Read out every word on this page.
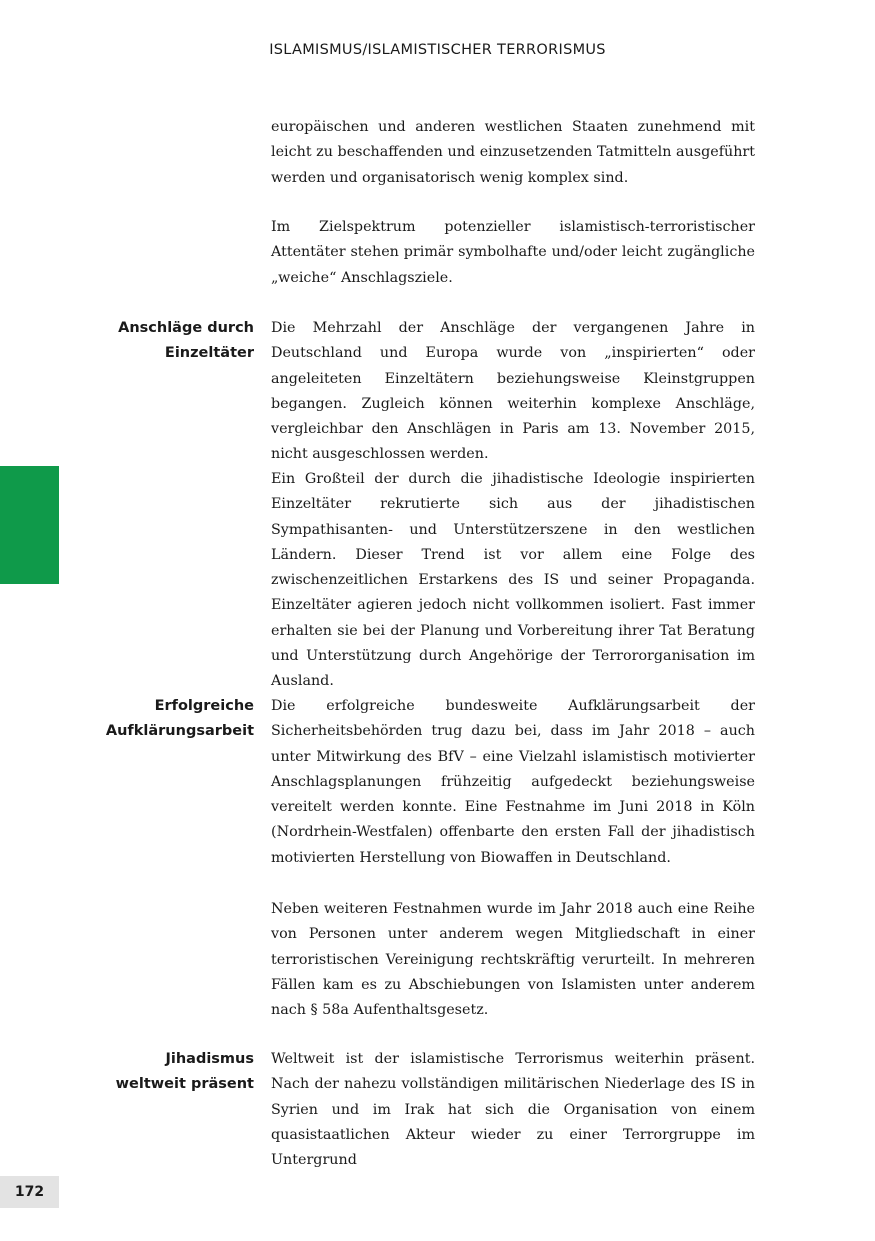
ISLAMISMUS/ISLAMISTISCHER TERRORISMUS

europäischen und anderen westlichen Staaten zunehmend mit leicht zu beschaffenden und einzusetzenden Tatmitteln ausgeführt werden und organisatorisch wenig komplex sind.

Im Zielspektrum potenzieller islamistisch-terroristischer Attentäter stehen primär symbolhafte und/oder leicht zugängliche „weiche“ Anschlagsziele.

Anschläge durch
Einzeltäter

Die Mehrzahl der Anschläge der vergangenen Jahre in Deutschland und Europa wurde von „inspirierten“ oder angeleiteten Einzeltätern beziehungsweise Kleinstgruppen begangen. Zugleich können weiterhin komplexe Anschläge, vergleichbar den Anschlägen in Paris am 13. November 2015, nicht ausgeschlossen werden.

Ein Großteil der durch die jihadistische Ideologie inspirierten Einzeltäter rekrutierte sich aus der jihadistischen Sympathisanten- und Unterstützerszene in den westlichen Ländern. Dieser Trend ist vor allem eine Folge des zwischenzeitlichen Erstarkens des IS und seiner Propaganda. Einzeltäter agieren jedoch nicht vollkommen isoliert. Fast immer erhalten sie bei der Planung und Vorbereitung ihrer Tat Beratung und Unterstützung durch Angehörige der Terrororganisation im Ausland.

Erfolgreiche
Aufklärungsarbeit

Die erfolgreiche bundesweite Aufklärungsarbeit der Sicherheitsbehörden trug dazu bei, dass im Jahr 2018 – auch unter Mitwirkung des BfV – eine Vielzahl islamistisch motivierter Anschlagsplanungen frühzeitig aufgedeckt beziehungsweise vereitelt werden konnte. Eine Festnahme im Juni 2018 in Köln (Nordrhein-Westfalen) offenbarte den ersten Fall der jihadistisch motivierten Herstellung von Biowaffen in Deutschland.

Neben weiteren Festnahmen wurde im Jahr 2018 auch eine Reihe von Personen unter anderem wegen Mitgliedschaft in einer terroristischen Vereinigung rechtskräftig verurteilt. In mehreren Fällen kam es zu Abschiebungen von Islamisten unter anderem nach § 58a Aufenthaltsgesetz.

Jihadismus
weltweit präsent

Weltweit ist der islamistische Terrorismus weiterhin präsent. Nach der nahezu vollständigen militärischen Niederlage des IS in Syrien und im Irak hat sich die Organisation von einem quasistaatlichen Akteur wieder zu einer Terrorgruppe im Untergrund

172
